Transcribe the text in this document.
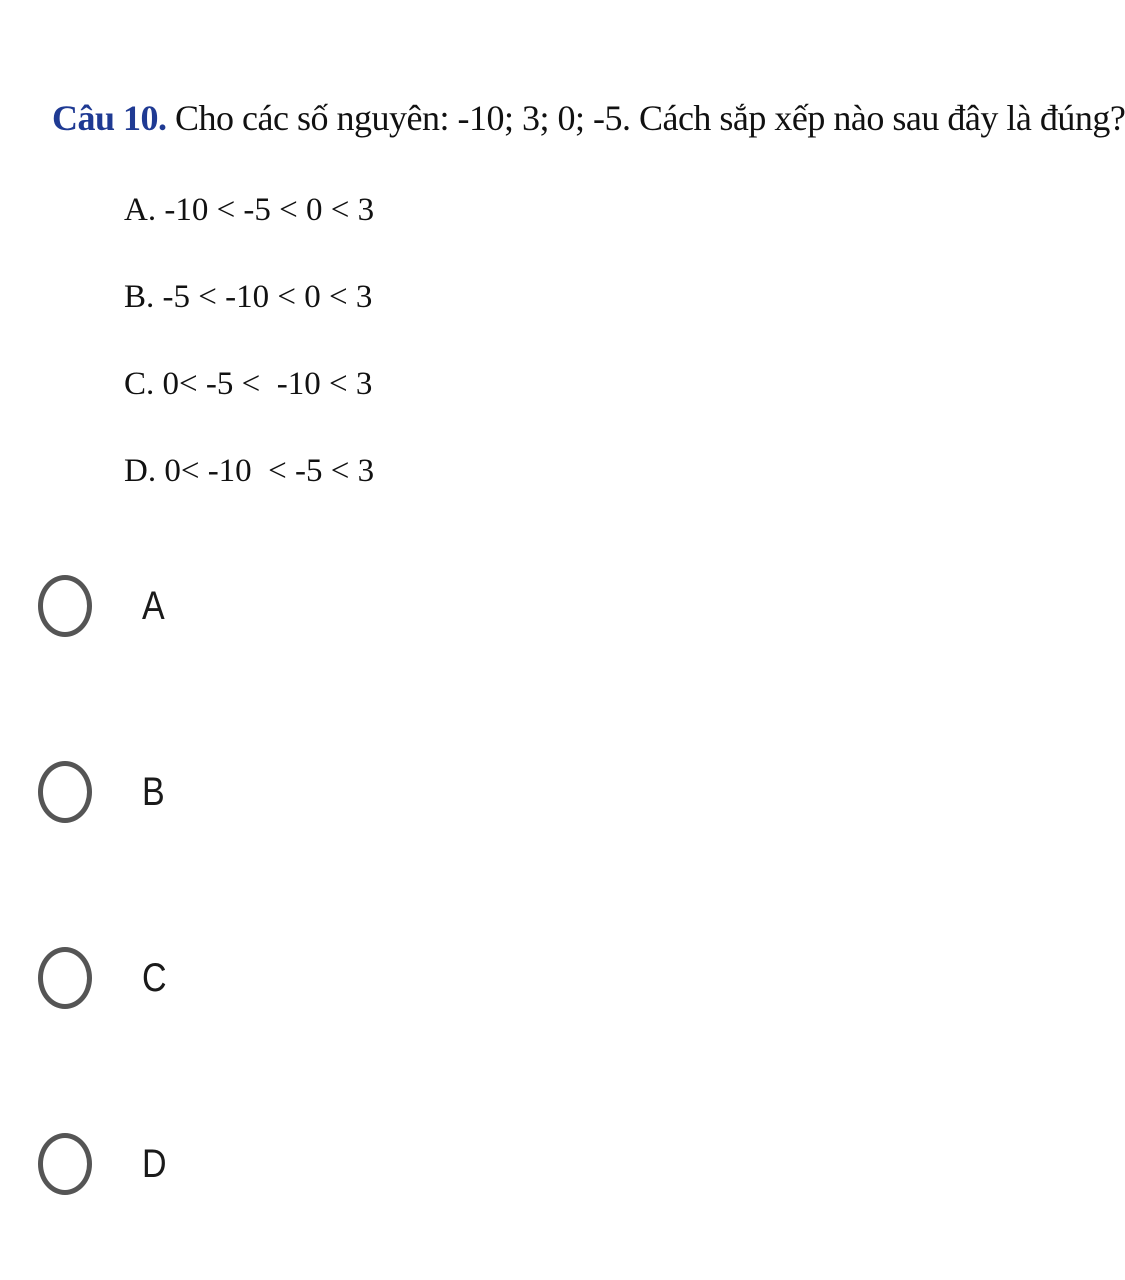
Câu 10. Cho các số nguyên: -10; 3; 0; -5. Cách sắp xếp nào sau đây là đúng?

A. -10 < -5 < 0 < 3

B. -5 < -10 < 0 < 3

C. 0< -5 <  -10 < 3

D. 0< -10  < -5 < 3

A
B
C
D
